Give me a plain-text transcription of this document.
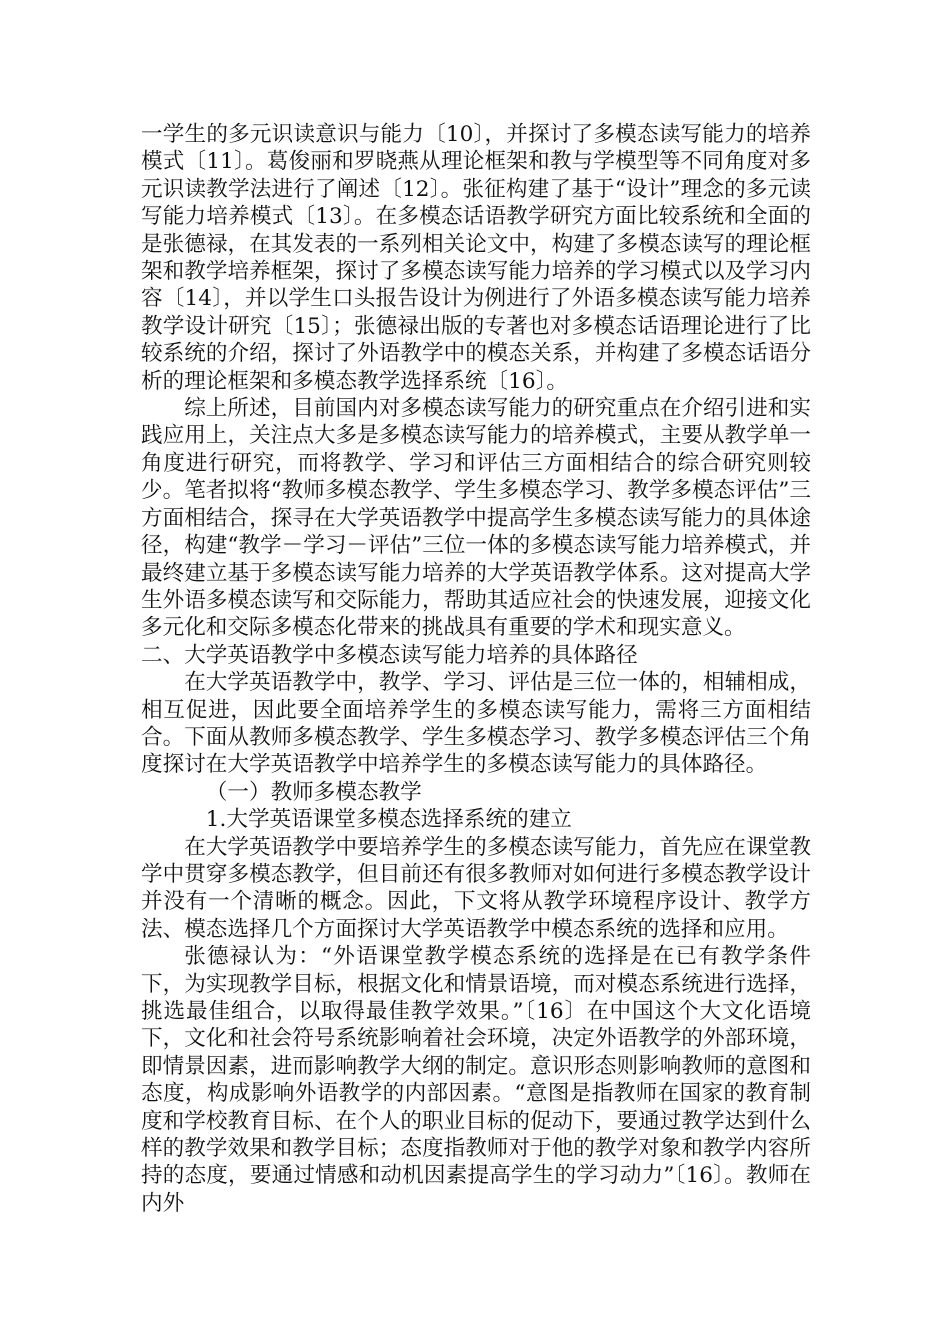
一学生的多元识读意识与能力〔10〕，并探讨了多模态读写能力的培养模式〔11〕。葛俊丽和罗晓燕从理论框架和教与学模型等不同角度对多元识读教学法进行了阐述〔12〕。张征构建了基于“设计”理念的多元读写能力培养模式〔13〕。在多模态话语教学研究方面比较系统和全面的是张德禄，在其发表的一系列相关论文中，构建了多模态读写的理论框架和教学培养框架，探讨了多模态读写能力培养的学习模式以及学习内容〔14〕，并以学生口头报告设计为例进行了外语多模态读写能力培养教学设计研究〔15〕；张德禄出版的专著也对多模态话语理论进行了比较系统的介绍，探讨了外语教学中的模态关系，并构建了多模态话语分析的理论框架和多模态教学选择系统〔16〕。

综上所述，目前国内对多模态读写能力的研究重点在介绍引进和实践应用上，关注点大多是多模态读写能力的培养模式，主要从教学单一角度进行研究，而将教学、学习和评估三方面相结合的综合研究则较少。笔者拟将“教师多模态教学、学生多模态学习、教学多模态评估”三方面相结合，探寻在大学英语教学中提高学生多模态读写能力的具体途径，构建“教学－学习－评估”三位一体的多模态读写能力培养模式，并最终建立基于多模态读写能力培养的大学英语教学体系。这对提高大学生外语多模态读写和交际能力，帮助其适应社会的快速发展，迎接文化多元化和交际多模态化带来的挑战具有重要的学术和现实意义。

二、大学英语教学中多模态读写能力培养的具体路径

在大学英语教学中，教学、学习、评估是三位一体的，相辅相成，相互促进，因此要全面培养学生的多模态读写能力，需将三方面相结合。下面从教师多模态教学、学生多模态学习、教学多模态评估三个角度探讨在大学英语教学中培养学生的多模态读写能力的具体路径。

（一）教师多模态教学

1.大学英语课堂多模态选择系统的建立

在大学英语教学中要培养学生的多模态读写能力，首先应在课堂教学中贯穿多模态教学，但目前还有很多教师对如何进行多模态教学设计并没有一个清晰的概念。因此，下文将从教学环境程序设计、教学方法、模态选择几个方面探讨大学英语教学中模态系统的选择和应用。

张德禄认为：“外语课堂教学模态系统的选择是在已有教学条件下，为实现教学目标，根据文化和情景语境，而对模态系统进行选择，挑选最佳组合，以取得最佳教学效果。”〔16〕在中国这个大文化语境下，文化和社会符号系统影响着社会环境，决定外语教学的外部环境，即情景因素，进而影响教学大纲的制定。意识形态则影响教师的意图和态度，构成影响外语教学的内部因素。“意图是指教师在国家的教育制度和学校教育目标、在个人的职业目标的促动下，要通过教学达到什么样的教学效果和教学目标；态度指教师对于他的教学对象和教学内容所持的态度，要通过情感和动机因素提高学生的学习动力”〔16〕。教师在内外
